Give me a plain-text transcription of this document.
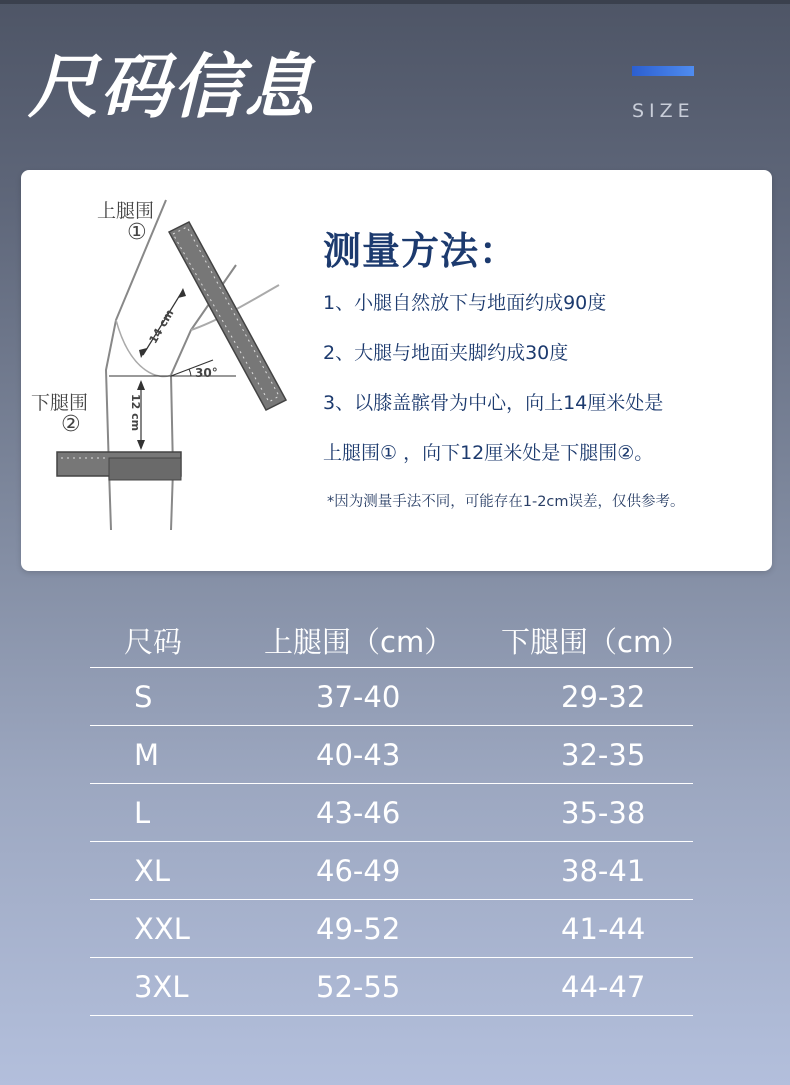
尺码信息	SIZE
上腿围
①
下腿围
②
30°
14 cm
12 cm
测量方法：
1、小腿自然放下与地面约成90度
2、大腿与地面夹脚约成30度
3、以膝盖髌骨为中心，向上14厘米处是
上腿围① ，向下12厘米处是下腿围②。
*因为测量手法不同，可能存在1-2cm误差，仅供参考。
尺码	上腿围（cm） 下腿围（cm）
S	37-40	29-32
M	40-43	32-35
L	43-46	35-38
XL	46-49	38-41
XXL	49-52	41-44
3XL	52-55	44-47
